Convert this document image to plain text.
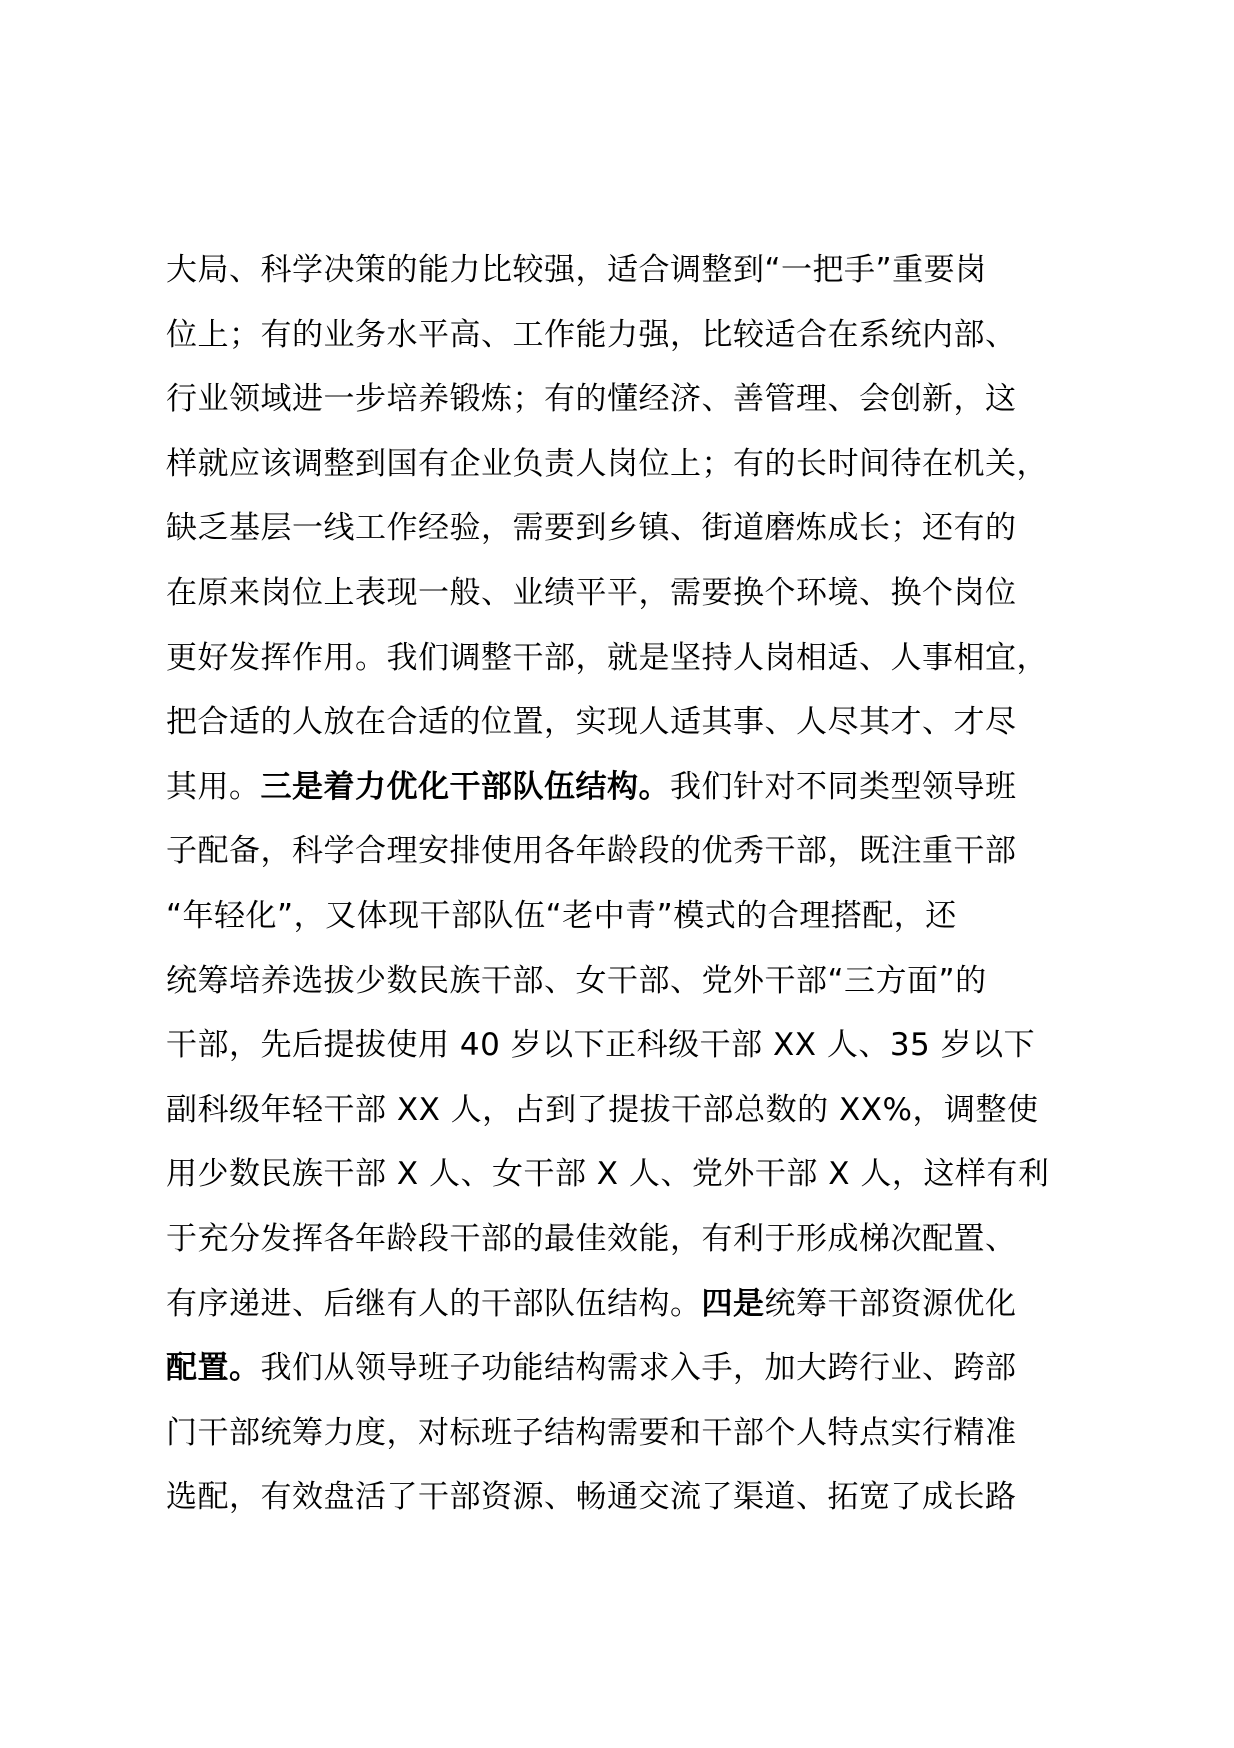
大局、科学决策的能力比较强，适合调整到“一把手”重要岗
位上；有的业务水平高、工作能力强，比较适合在系统内部、
行业领域进一步培养锻炼；有的懂经济、善管理、会创新，这
样就应该调整到国有企业负责人岗位上；有的长时间待在机关，
缺乏基层一线工作经验，需要到乡镇、街道磨炼成长；还有的
在原来岗位上表现一般、业绩平平，需要换个环境、换个岗位
更好发挥作用。我们调整干部，就是坚持人岗相适、人事相宜，
把合适的人放在合适的位置，实现人适其事、人尽其才、才尽
其用。三是着力优化干部队伍结构。我们针对不同类型领导班
子配备，科学合理安排使用各年龄段的优秀干部，既注重干部
“年轻化”，又体现干部队伍“老中青”模式的合理搭配，还
统筹培养选拔少数民族干部、女干部、党外干部“三方面”的
干部，先后提拔使用 40 岁以下正科级干部 XX 人、35 岁以下
副科级年轻干部 XX 人，占到了提拔干部总数的 XX%，调整使
用少数民族干部 X 人、女干部 X 人、党外干部 X 人，这样有利
于充分发挥各年龄段干部的最佳效能，有利于形成梯次配置、
有序递进、后继有人的干部队伍结构。四是统筹干部资源优化
配置。我们从领导班子功能结构需求入手，加大跨行业、跨部
门干部统筹力度，对标班子结构需要和干部个人特点实行精准
选配，有效盘活了干部资源、畅通交流了渠道、拓宽了成长路
